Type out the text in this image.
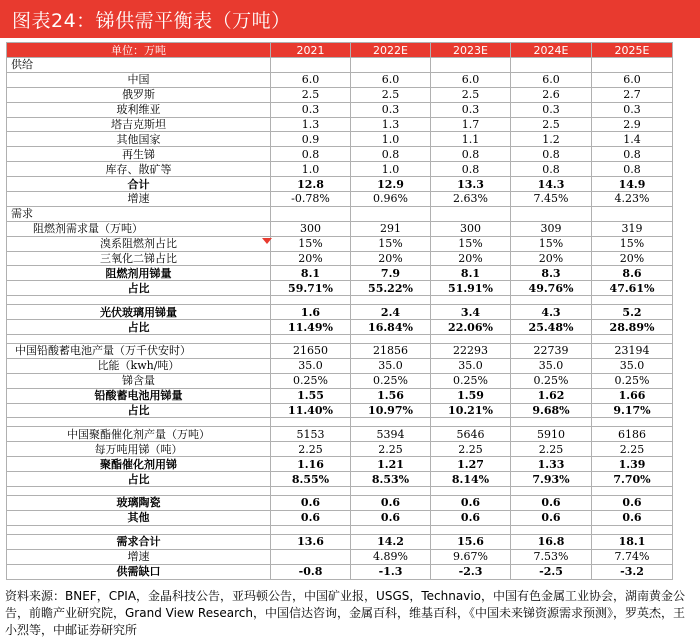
图表24：锑供需平衡表（万吨）
单位：万吨	2021	2022E	2023E	2024E	2025E
供给					
中国	6.0	6.0	6.0	6.0	6.0
俄罗斯	2.5	2.5	2.5	2.6	2.7
玻利维亚	0.3	0.3	0.3	0.3	0.3
塔吉克斯坦	1.3	1.3	1.7	2.5	2.9
其他国家	0.9	1.0	1.1	1.2	1.4
再生锑	0.8	0.8	0.8	0.8	0.8
库存、散矿等	1.0	1.0	0.8	0.8	0.8
合计	12.8	12.9	13.3	14.3	14.9
增速	-0.78%	0.96%	2.63%	7.45%	4.23%
需求					
阻燃剂需求量（万吨）	300	291	300	309	319
溴系阻燃剂占比	15%	15%	15%	15%	15%
三氧化二锑占比	20%	20%	20%	20%	20%
阻燃剂用锑量	8.1	7.9	8.1	8.3	8.6
占比	59.71%	55.22%	51.91%	49.76%	47.61%

光伏玻璃用锑量	1.6	2.4	3.4	4.3	5.2
占比	11.49%	16.84%	22.06%	25.48%	28.89%

中国铅酸蓄电池产量（万千伏安时）	21650	21856	22293	22739	23194
比能（kwh/吨）	35.0	35.0	35.0	35.0	35.0
锑含量	0.25%	0.25%	0.25%	0.25%	0.25%
铅酸蓄电池用锑量	1.55	1.56	1.59	1.62	1.66
占比	11.40%	10.97%	10.21%	9.68%	9.17%

中国聚酯催化剂产量（万吨）	5153	5394	5646	5910	6186
每万吨用锑（吨）	2.25	2.25	2.25	2.25	2.25
聚酯催化剂用锑	1.16	1.21	1.27	1.33	1.39
占比	8.55%	8.53%	8.14%	7.93%	7.70%

玻璃陶瓷	0.6	0.6	0.6	0.6	0.6
其他	0.6	0.6	0.6	0.6	0.6

需求合计	13.6	14.2	15.6	16.8	18.1
增速		4.89%	9.67%	7.53%	7.74%
供需缺口	-0.8	-1.3	-2.3	-2.5	-3.2
资料来源：BNEF，CPIA，金晶科技公告，亚玛顿公告，中国矿业报，USGS，Technavio，中国有色金属工业协会，湖南黄金公告，前瞻产业研究院，Grand View Research，中国信达咨询，金属百科，维基百科，《中国未来锑资源需求预测》，罗英杰，王小烈等，中邮证券研究所
